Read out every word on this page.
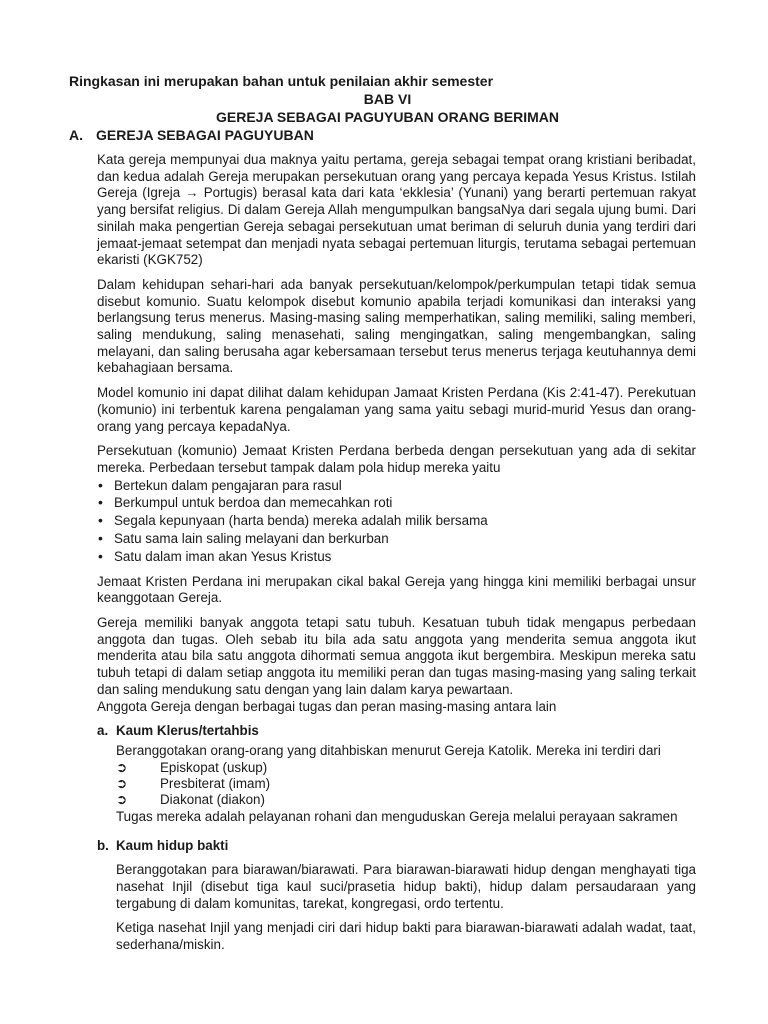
Ringkasan ini merupakan bahan untuk penilaian akhir semester

BAB VI

GEREJA SEBAGAI PAGUYUBAN ORANG BERIMAN

A. GEREJA SEBAGAI PAGUYUBAN

Kata gereja mempunyai dua maknya yaitu pertama, gereja sebagai tempat orang kristiani beribadat, dan kedua adalah Gereja merupakan persekutuan orang yang percaya kepada Yesus Kristus. Istilah Gereja (Igreja → Portugis) berasal kata dari kata ‘ekklesia’ (Yunani) yang berarti pertemuan rakyat yang bersifat religius. Di dalam Gereja Allah mengumpulkan bangsaNya dari segala ujung bumi. Dari sinilah maka pengertian Gereja sebagai persekutuan umat beriman di seluruh dunia yang terdiri dari jemaat-jemaat setempat dan menjadi nyata sebagai pertemuan liturgis, terutama sebagai pertemuan ekaristi (KGK752)

Dalam kehidupan sehari-hari ada banyak persekutuan/kelompok/perkumpulan tetapi tidak semua disebut komunio. Suatu kelompok disebut komunio apabila terjadi komunikasi dan interaksi yang berlangsung terus menerus. Masing-masing saling memperhatikan, saling memiliki, saling memberi, saling mendukung, saling menasehati, saling mengingatkan, saling mengembangkan, saling melayani, dan saling berusaha agar kebersamaan tersebut terus menerus terjaga keutuhannya demi kebahagiaan bersama.

Model komunio ini dapat dilihat dalam kehidupan Jamaat Kristen Perdana (Kis 2:41-47). Perekutuan (komunio) ini terbentuk karena pengalaman yang sama yaitu sebagi murid-murid Yesus dan orang-orang yang percaya kepadaNya.

Persekutuan (komunio) Jemaat Kristen Perdana berbeda dengan persekutuan yang ada di sekitar mereka. Perbedaan tersebut tampak dalam pola hidup mereka yaitu

• Bertekun dalam pengajaran para rasul
• Berkumpul untuk berdoa dan memecahkan roti
• Segala kepunyaan (harta benda) mereka adalah milik bersama
• Satu sama lain saling melayani dan berkurban
• Satu dalam iman akan Yesus Kristus

Jemaat Kristen Perdana ini merupakan cikal bakal Gereja yang hingga kini memiliki berbagai unsur keanggotaan Gereja.

Gereja memiliki banyak anggota tetapi satu tubuh. Kesatuan tubuh tidak mengapus perbedaan anggota dan tugas. Oleh sebab itu bila ada satu anggota yang menderita semua anggota ikut menderita atau bila satu anggota dihormati semua anggota ikut bergembira. Meskipun mereka satu tubuh tetapi di dalam setiap anggota itu memiliki peran dan tugas masing-masing yang saling terkait dan saling mendukung satu dengan yang lain dalam karya pewartaan.

Anggota Gereja dengan berbagai tugas dan peran masing-masing antara lain

a. Kaum Klerus/tertahbis
Beranggotakan orang-orang yang ditahbiskan menurut Gereja Katolik. Mereka ini terdiri dari
➲	Episkopat (uskup)
➲	Presbiterat (imam)
➲	Diakonat (diakon)
Tugas mereka adalah pelayanan rohani dan menguduskan Gereja melalui perayaan sakramen
b. Kaum hidup bakti

Beranggotakan para biarawan/biarawati. Para biarawan-biarawati hidup dengan menghayati tiga nasehat Injil (disebut tiga kaul suci/prasetia hidup bakti), hidup dalam persaudaraan yang tergabung di dalam komunitas, tarekat, kongregasi, ordo tertentu.

Ketiga nasehat Injil yang menjadi ciri dari hidup bakti para biarawan-biarawati adalah wadat, taat, sederhana/miskin.
